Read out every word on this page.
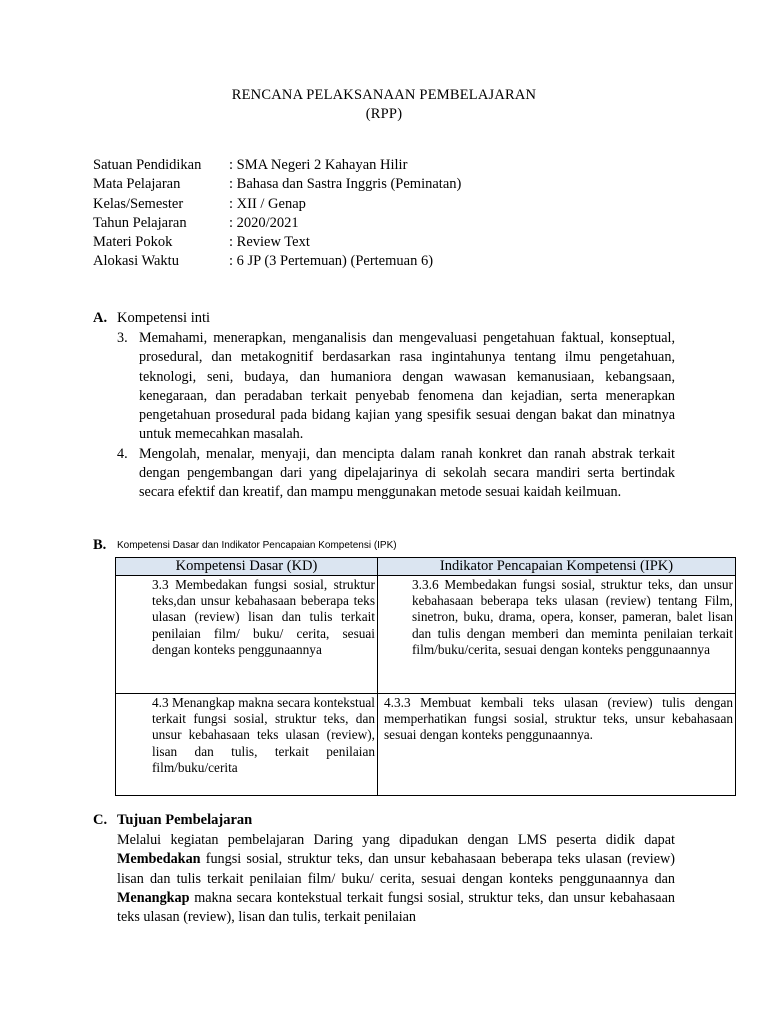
RENCANA PELAKSANAAN PEMBELAJARAN
(RPP)
Satuan Pendidikan : SMA Negeri 2 Kahayan Hilir
Mata Pelajaran	: Bahasa dan Sastra Inggris (Peminatan)
Kelas/Semester	: XII / Genap
Tahun Pelajaran	: 2020/2021
Materi Pokok	: Review Text
Alokasi Waktu	: 6 JP (3 Pertemuan) (Pertemuan 6)
A. Kompetensi inti

3. Memahami, menerapkan, menganalisis dan mengevaluasi pengetahuan faktual, konseptual, prosedural, dan metakognitif berdasarkan rasa ingintahunya tentang ilmu pengetahuan, teknologi, seni, budaya, dan humaniora dengan wawasan kemanusiaan, kebangsaan, kenegaraan, dan peradaban terkait penyebab fenomena dan kejadian, serta menerapkan pengetahuan prosedural pada bidang kajian yang spesifik sesuai dengan bakat dan minatnya untuk memecahkan masalah.

4. Mengolah, menalar, menyaji, dan mencipta dalam ranah konkret dan ranah abstrak terkait dengan pengembangan dari yang dipelajarinya di sekolah secara mandiri serta bertindak secara efektif dan kreatif, dan mampu menggunakan metode sesuai kaidah keilmuan.

B. Kompetensi Dasar dan Indikator Pencapaian Kompetensi (IPK)
Kompetensi Dasar (KD)	Indikator Pencapaian Kompetensi (IPK)
3.3 Membedakan fungsi sosial, struktur teks,dan unsur kebahasaan beberapa teks ulasan (review) lisan dan tulis terkait penilaian film/ buku/ cerita, sesuai dengan konteks penggunaannya	3.3.6 Membedakan fungsi sosial, struktur teks, dan unsur kebahasaan beberapa teks ulasan (review) tentang Film, sinetron, buku, drama, opera, konser, pameran, balet lisan dan tulis dengan memberi dan meminta penilaian terkait film/buku/cerita, sesuai dengan konteks penggunaannya
4.3 Menangkap makna secara kontekstual terkait fungsi sosial, struktur teks, dan unsur kebahasaan teks ulasan (review), lisan dan tulis, terkait penilaian film/buku/cerita	4.3.3 Membuat kembali teks ulasan (review) tulis dengan memperhatikan fungsi sosial, struktur teks, unsur kebahasaan sesuai dengan konteks penggunaannya.
C. Tujuan Pembelajaran

Melalui kegiatan pembelajaran Daring yang dipadukan dengan LMS peserta didik dapat Membedakan fungsi sosial, struktur teks, dan unsur kebahasaan beberapa teks ulasan (review) lisan dan tulis terkait penilaian film/ buku/ cerita, sesuai dengan konteks penggunaannya dan Menangkap makna secara kontekstual terkait fungsi sosial, struktur teks, dan unsur kebahasaan teks ulasan (review), lisan dan tulis, terkait penilaian
